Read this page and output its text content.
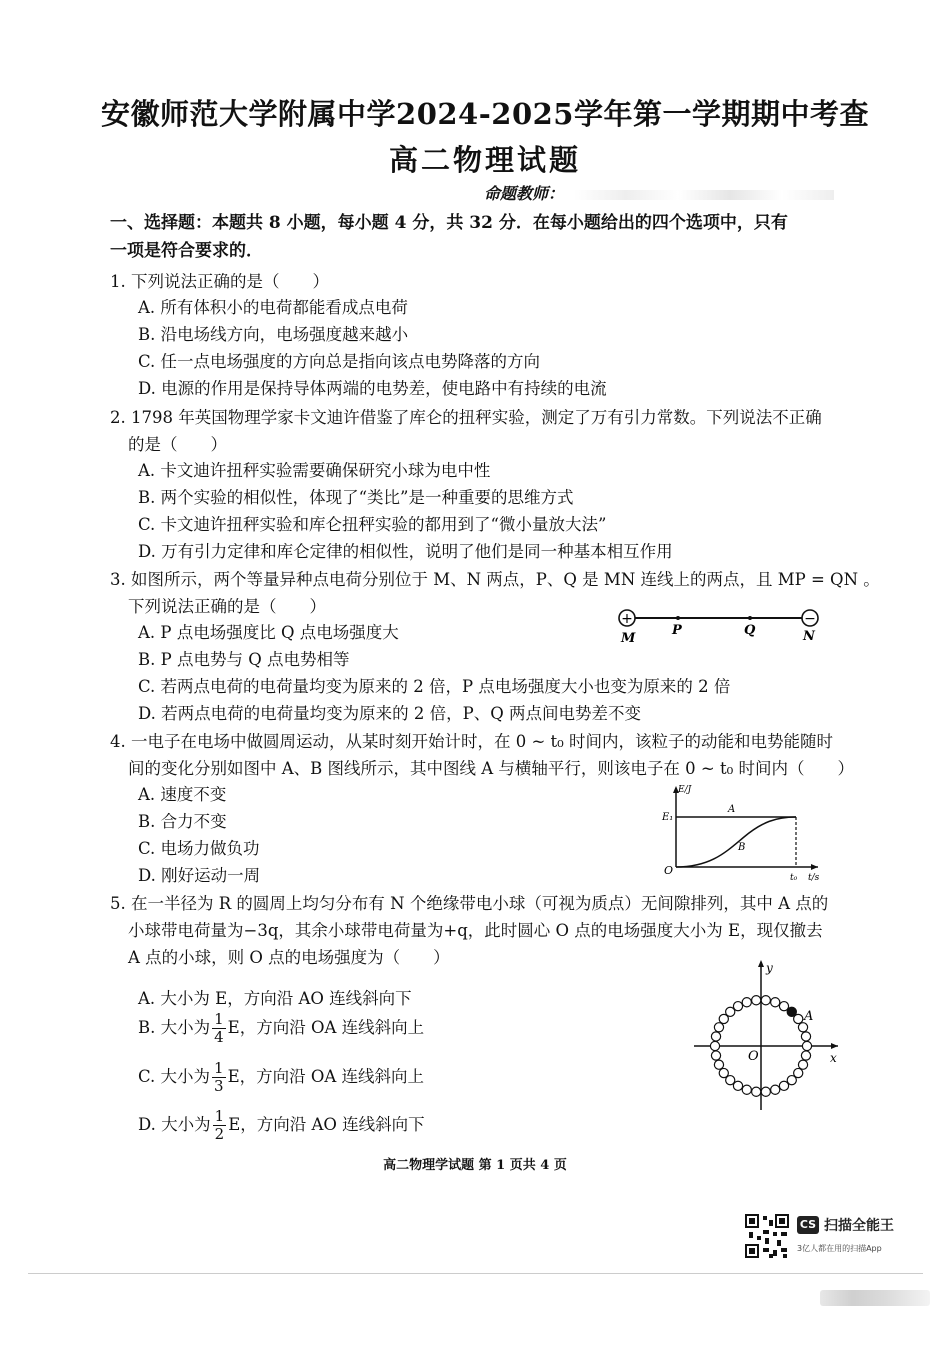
安徽师范大学附属中学2024-2025学年第一学期期中考查
高二物理试题
命题教师：
一、选择题：本题共 8 小题，每小题 4 分，共 32 分．在每小题给出的四个选项中，只有
一项是符合要求的．
1. 下列说法正确的是（　　）
A. 所有体积小的电荷都能看成点电荷
B. 沿电场线方向，电场强度越来越小
C. 任一点电场强度的方向总是指向该点电势降落的方向
D. 电源的作用是保持导体两端的电势差，使电路中有持续的电流
2. 1798 年英国物理学家卡文迪许借鉴了库仑的扭秤实验，测定了万有引力常数。下列说法不正确
的是（　　）
A. 卡文迪许扭秤实验需要确保研究小球为电中性
B. 两个实验的相似性，体现了“类比”是一种重要的思维方式
C. 卡文迪许扭秤实验和库仑扭秤实验的都用到了“微小量放大法”
D. 万有引力定律和库仑定律的相似性，说明了他们是同一种基本相互作用
3. 如图所示，两个等量异种点电荷分别位于 M、N 两点，P、Q 是 MN 连线上的两点，且 MP = QN 。
下列说法正确的是（　　）
A. P 点电场强度比 Q 点电场强度大
B. P 点电势与 Q 点电势相等
C. 若两点电荷的电荷量均变为原来的 2 倍，P 点电场强度大小也变为原来的 2 倍
D. 若两点电荷的电荷量均变为原来的 2 倍，P、Q 两点间电势差不变
+	−
M
P	Q	N
4. 一电子在电场中做圆周运动，从某时刻开始计时，在 0 ~ t₀ 时间内，该粒子的动能和电势能随时
间的变化分别如图中 A、B 图线所示，其中图线 A 与横轴平行，则该电子在 0 ~ t₀ 时间内（　　）
A. 速度不变
B. 合力不变
C. 电场力做负功
D. 刚好运动一周
E/J
E₁
A
B
O
t₀ t/s
5. 在一半径为 R 的圆周上均匀分布有 N 个绝缘带电小球（可视为质点）无间隙排列，其中 A 点的
小球带电荷量为−3q，其余小球带电荷量为+q，此时圆心 O 点的电场强度大小为 E，现仅撤去
A 点的小球，则 O 点的电场强度为（　　）
A. 大小为 E，方向沿 AO 连线斜向下
B. 大小为 $\frac{1}{4}$ E，方向沿 OA 连线斜向上
C. 大小为 $\frac{1}{3}$ E，方向沿 OA 连线斜向上
D. 大小为 $\frac{1}{2}$ E，方向沿 AO 连线斜向下
y
x
O
A
高二物理学试题 第 1 页共 4 页
CS 扫描全能王
3亿人都在用的扫描App
